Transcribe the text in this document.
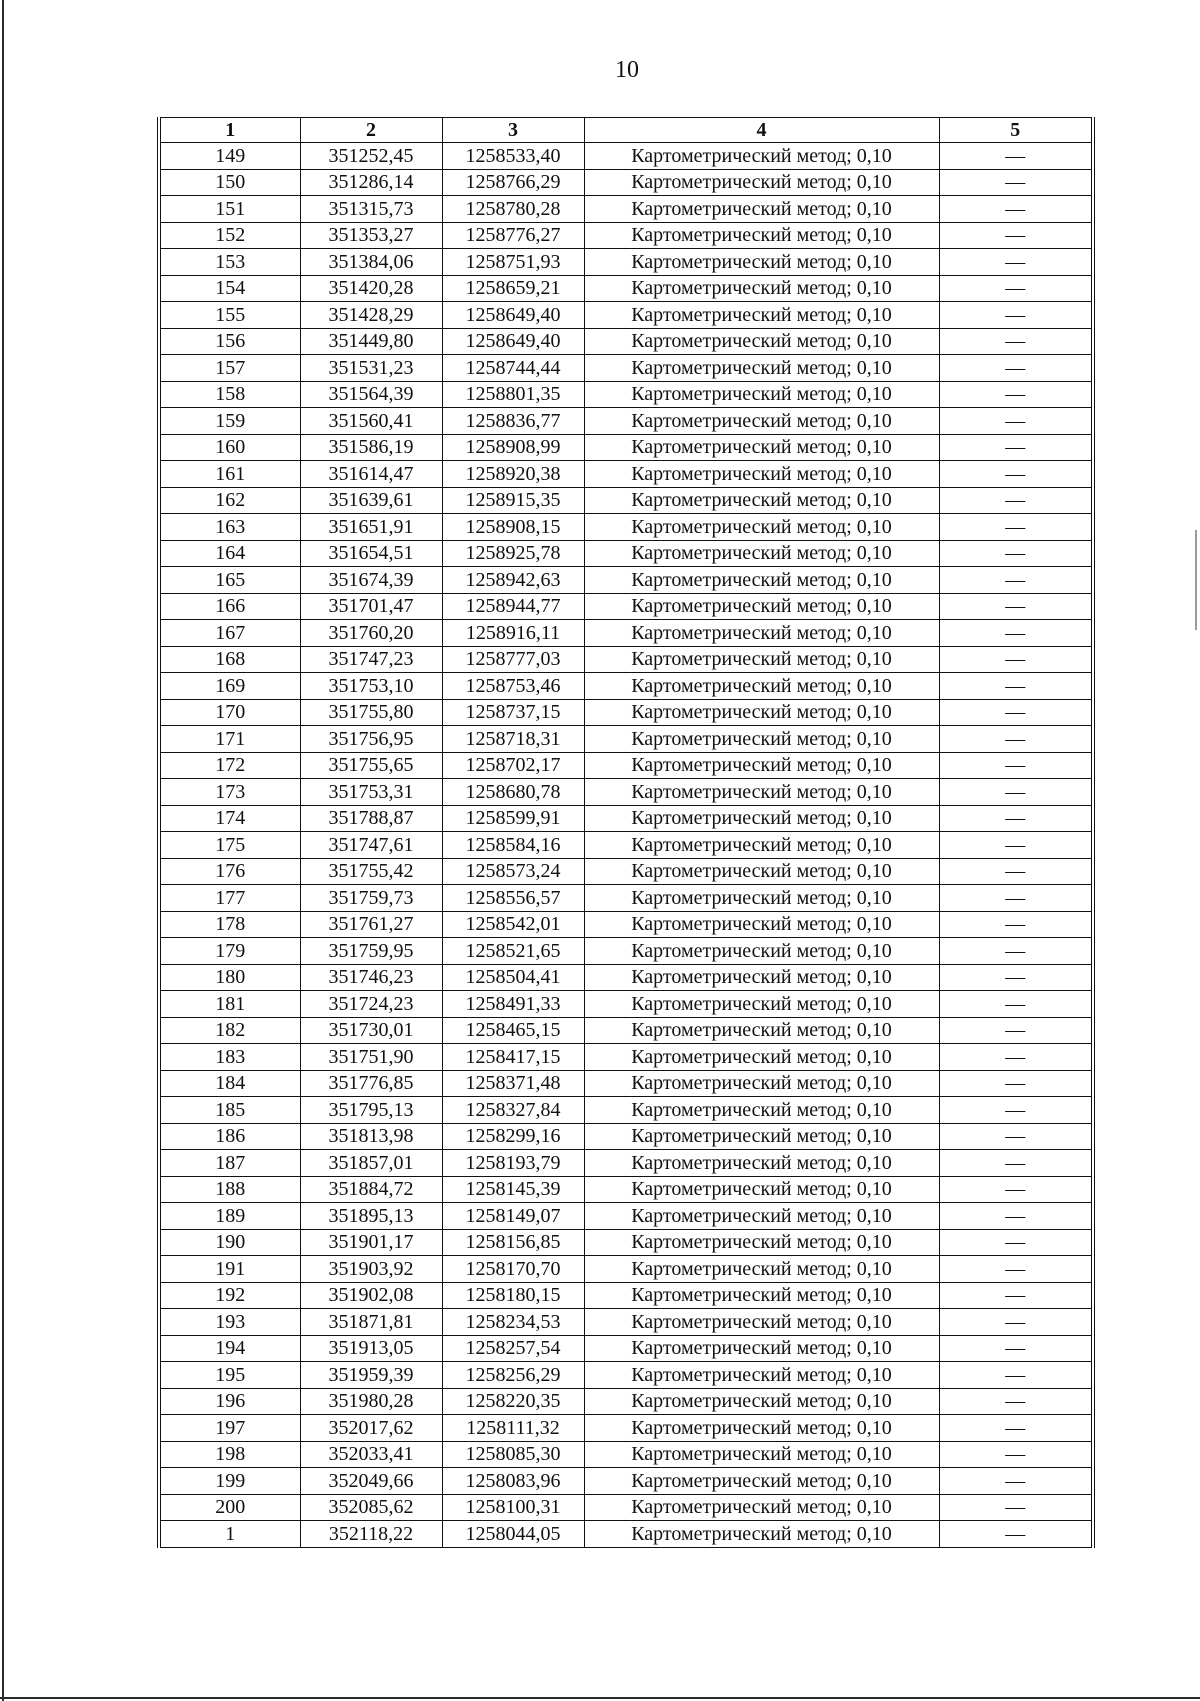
10
1	2	3	4	5
149	351252,45	1258533,40	Картометрический метод; 0,10	—
150	351286,14	1258766,29	Картометрический метод; 0,10	—
151	351315,73	1258780,28	Картометрический метод; 0,10	—
152	351353,27	1258776,27	Картометрический метод; 0,10	—
153	351384,06	1258751,93	Картометрический метод; 0,10	—
154	351420,28	1258659,21	Картометрический метод; 0,10	—
155	351428,29	1258649,40	Картометрический метод; 0,10	—
156	351449,80	1258649,40	Картометрический метод; 0,10	—
157	351531,23	1258744,44	Картометрический метод; 0,10	—
158	351564,39	1258801,35	Картометрический метод; 0,10	—
159	351560,41	1258836,77	Картометрический метод; 0,10	—
160	351586,19	1258908,99	Картометрический метод; 0,10	—
161	351614,47	1258920,38	Картометрический метод; 0,10	—
162	351639,61	1258915,35	Картометрический метод; 0,10	—
163	351651,91	1258908,15	Картометрический метод; 0,10	—
164	351654,51	1258925,78	Картометрический метод; 0,10	—
165	351674,39	1258942,63	Картометрический метод; 0,10	—
166	351701,47	1258944,77	Картометрический метод; 0,10	—
167	351760,20	1258916,11	Картометрический метод; 0,10	—
168	351747,23	1258777,03	Картометрический метод; 0,10	—
169	351753,10	1258753,46	Картометрический метод; 0,10	—
170	351755,80	1258737,15	Картометрический метод; 0,10	—
171	351756,95	1258718,31	Картометрический метод; 0,10	—
172	351755,65	1258702,17	Картометрический метод; 0,10	—
173	351753,31	1258680,78	Картометрический метод; 0,10	—
174	351788,87	1258599,91	Картометрический метод; 0,10	—
175	351747,61	1258584,16	Картометрический метод; 0,10	—
176	351755,42	1258573,24	Картометрический метод; 0,10	—
177	351759,73	1258556,57	Картометрический метод; 0,10	—
178	351761,27	1258542,01	Картометрический метод; 0,10	—
179	351759,95	1258521,65	Картометрический метод; 0,10	—
180	351746,23	1258504,41	Картометрический метод; 0,10	—
181	351724,23	1258491,33	Картометрический метод; 0,10	—
182	351730,01	1258465,15	Картометрический метод; 0,10	—
183	351751,90	1258417,15	Картометрический метод; 0,10	—
184	351776,85	1258371,48	Картометрический метод; 0,10	—
185	351795,13	1258327,84	Картометрический метод; 0,10	—
186	351813,98	1258299,16	Картометрический метод; 0,10	—
187	351857,01	1258193,79	Картометрический метод; 0,10	—
188	351884,72	1258145,39	Картометрический метод; 0,10	—
189	351895,13	1258149,07	Картометрический метод; 0,10	—
190	351901,17	1258156,85	Картометрический метод; 0,10	—
191	351903,92	1258170,70	Картометрический метод; 0,10	—
192	351902,08	1258180,15	Картометрический метод; 0,10	—
193	351871,81	1258234,53	Картометрический метод; 0,10	—
194	351913,05	1258257,54	Картометрический метод; 0,10	—
195	351959,39	1258256,29	Картометрический метод; 0,10	—
196	351980,28	1258220,35	Картометрический метод; 0,10	—
197	352017,62	1258111,32	Картометрический метод; 0,10	—
198	352033,41	1258085,30	Картометрический метод; 0,10	—
199	352049,66	1258083,96	Картометрический метод; 0,10	—
200	352085,62	1258100,31	Картометрический метод; 0,10	—
1	352118,22	1258044,05	Картометрический метод; 0,10	—
